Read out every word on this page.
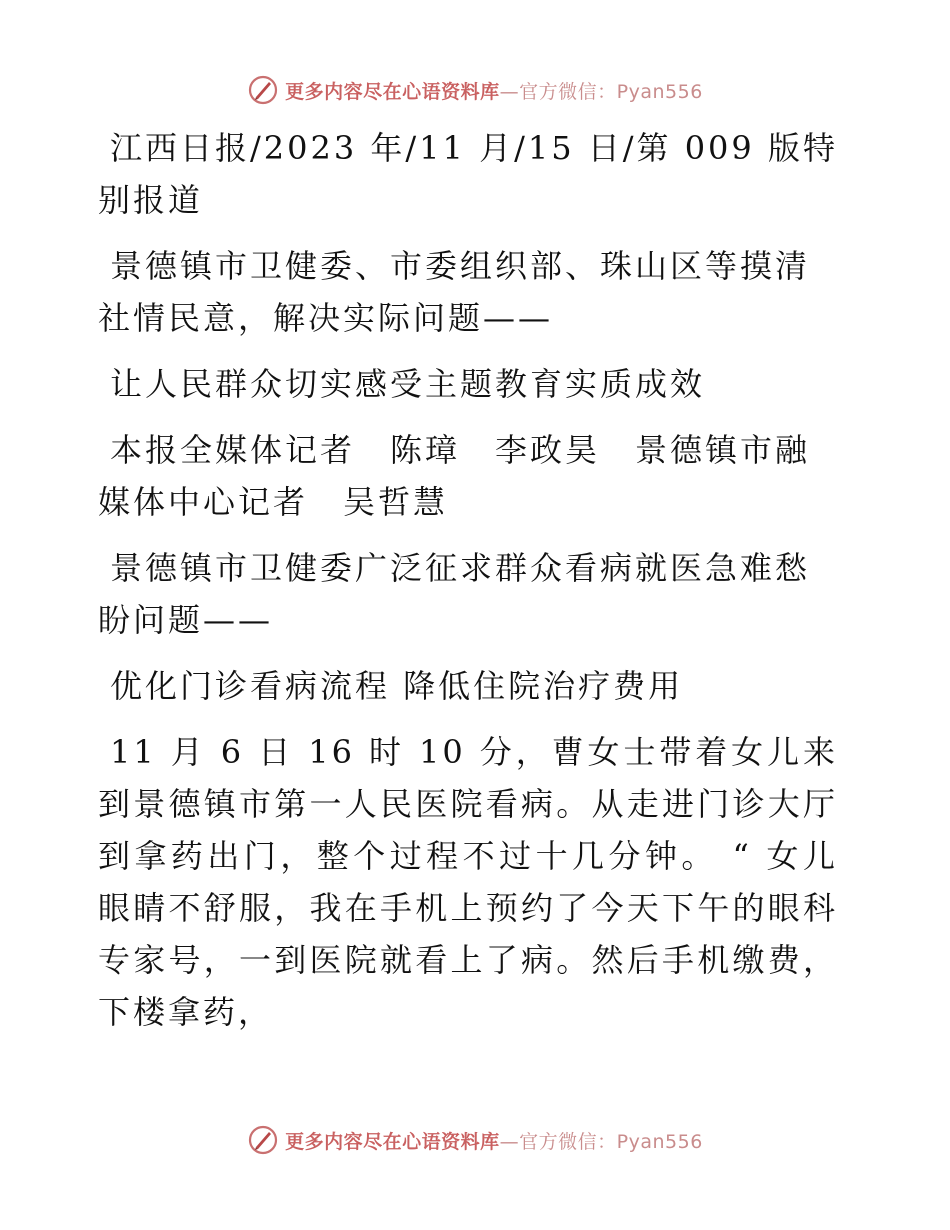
更多内容尽在心语资料库—官方微信：Pyan556

江西日报/2023 年/11 月/15 日/第 009 版特别报道

景德镇市卫健委、市委组织部、珠山区等摸清社情民意，解决实际问题——

让人民群众切实感受主题教育实质成效

本报全媒体记者　陈璋　李政昊　景德镇市融媒体中心记者　吴哲慧

景德镇市卫健委广泛征求群众看病就医急难愁盼问题——

优化门诊看病流程 降低住院治疗费用

11 月 6 日 16 时 10 分，曹女士带着女儿来到景德镇市第一人民医院看病。从走进门诊大厅到拿药出门，整个过程不过十几分钟。 “ 女儿眼睛不舒服，我在手机上预约了今天下午的眼科专家号，一到医院就看上了病。然后手机缴费，下楼拿药，

更多内容尽在心语资料库—官方微信：Pyan556
